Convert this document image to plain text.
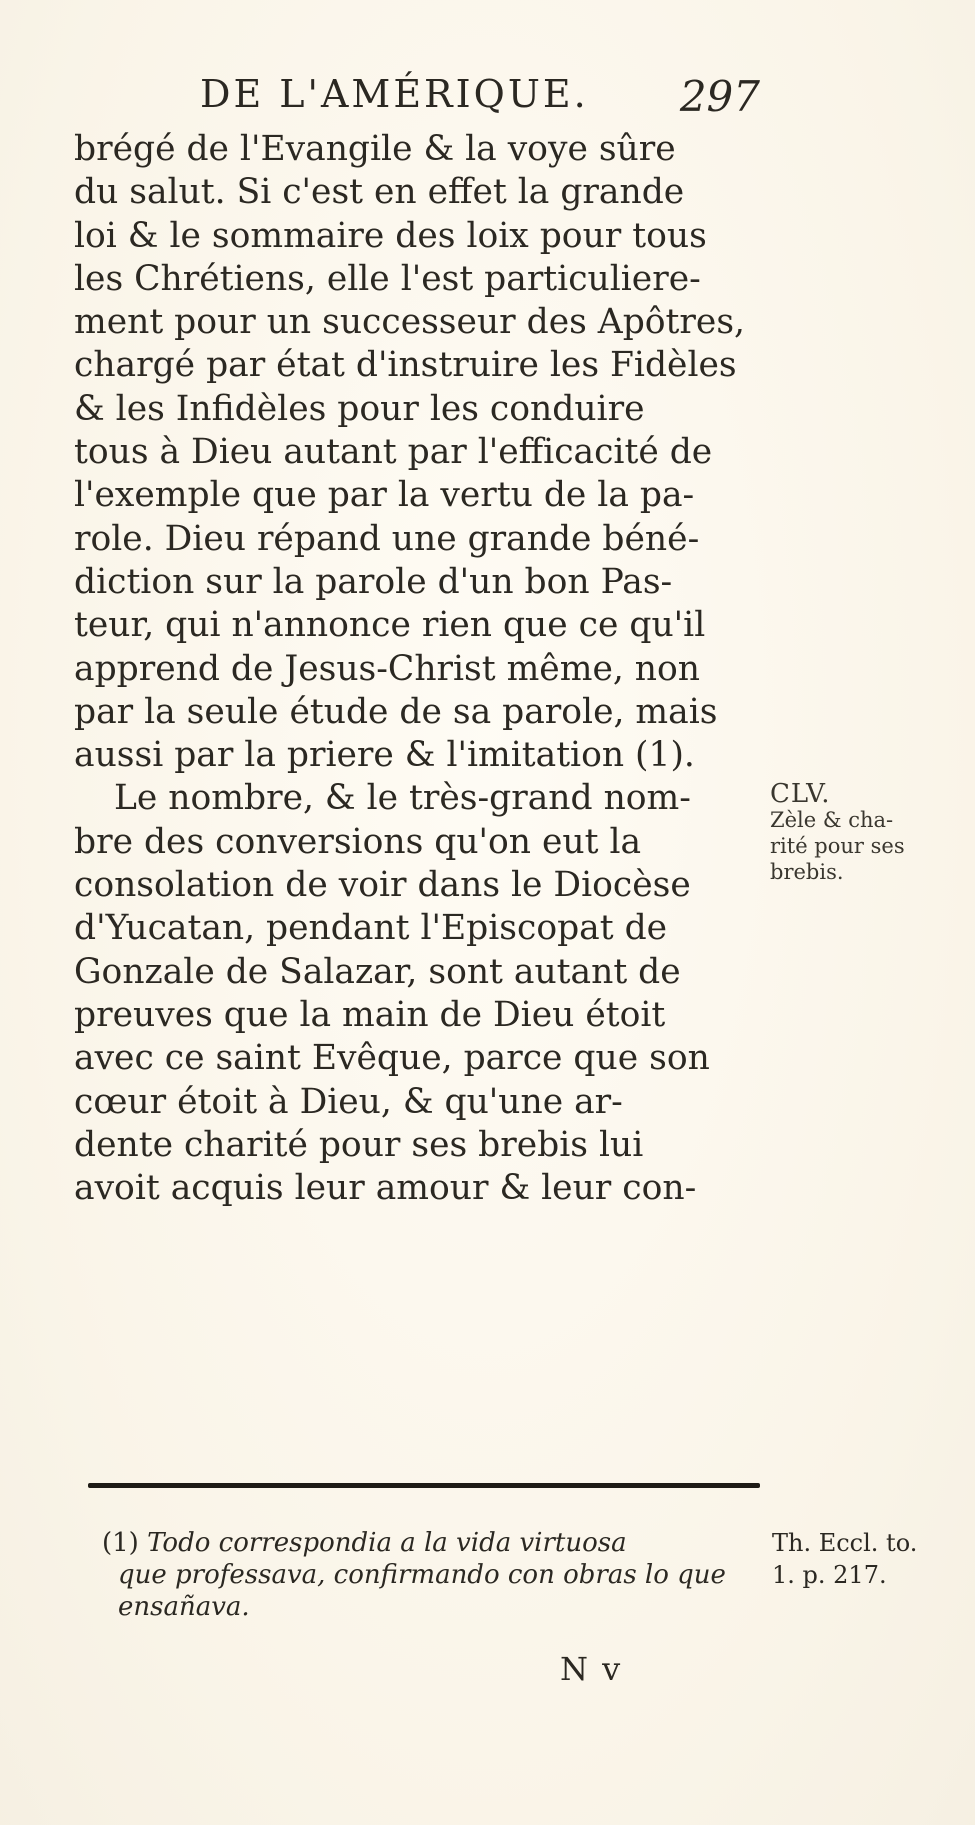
DE L'AMÉRIQUE. 297
brégé de l'Evangile & la voye sûre
du salut. Si c'est en effet la grande
loi & le sommaire des loix pour tous
les Chrétiens, elle l'est particuliere-
ment pour un successeur des Apôtres,
chargé par état d'instruire les Fidèles
& les Infidèles pour les conduire
tous à Dieu autant par l'efficacité de
l'exemple que par la vertu de la pa-
role. Dieu répand une grande béné-
diction sur la parole d'un bon Pas-
teur, qui n'annonce rien que ce qu'il
apprend de Jesus-Christ même, non
par la seule étude de sa parole, mais
aussi par la priere & l'imitation (1).
Le nombre, & le très-grand nom-
bre des conversions qu'on eut la
consolation de voir dans le Diocèse
d'Yucatan, pendant l'Episcopat de
Gonzale de Salazar, sont autant de
preuves que la main de Dieu étoit
avec ce saint Evêque, parce que son
cœur étoit à Dieu, & qu'une ar-
dente charité pour ses brebis lui
avoit acquis leur amour & leur con-
CLV.
Zèle & cha-
rité pour ses
brebis.
(1) Todo correspondia a la vida virtuosa
que professava, confirmando con obras lo que
ensañava.
Th. Eccl. to.
1. p. 217.
N v
